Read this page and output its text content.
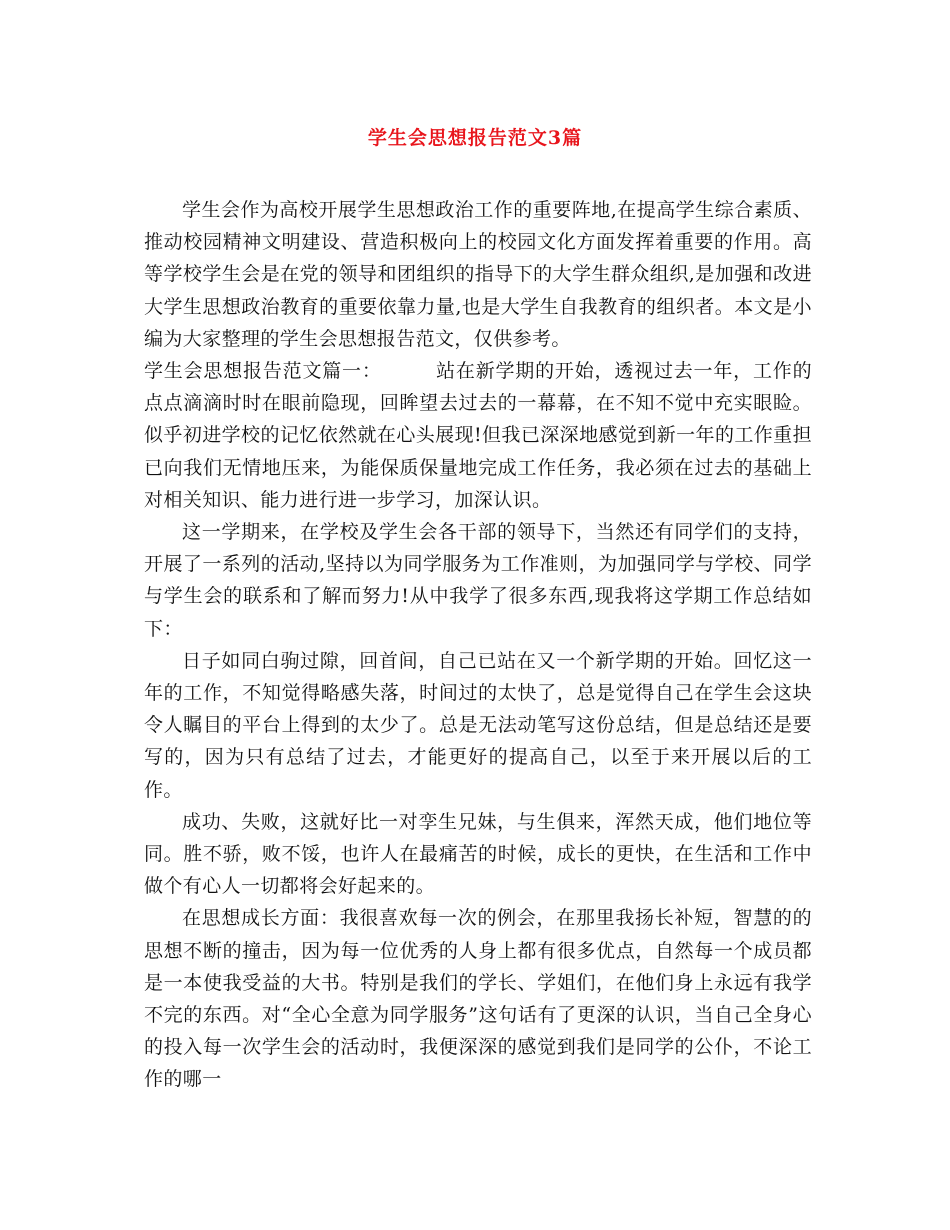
学生会思想报告范文3篇

学生会作为高校开展学生思想政治工作的重要阵地,在提高学生综合素质、推动校园精神文明建设、营造积极向上的校园文化方面发挥着重要的作用。高等学校学生会是在党的领导和团组织的指导下的大学生群众组织,是加强和改进大学生思想政治教育的重要依靠力量,也是大学生自我教育的组织者。本文是小编为大家整理的学生会思想报告范文，仅供参考。

学生会思想报告范文篇一：	站在新学期的开始，透视过去一年，工作的点点滴滴时时在眼前隐现，回眸望去过去的一幕幕，在不知不觉中充实眼睑。似乎初进学校的记忆依然就在心头展现!但我已深深地感觉到新一年的工作重担已向我们无情地压来，为能保质保量地完成工作任务，我必须在过去的基础上对相关知识、能力进行进一步学习，加深认识。

这一学期来，在学校及学生会各干部的领导下，当然还有同学们的支持，开展了一系列的活动,坚持以为同学服务为工作准则，为加强同学与学校、同学与学生会的联系和了解而努力!从中我学了很多东西,现我将这学期工作总结如下：

日子如同白驹过隙，回首间，自己已站在又一个新学期的开始。回忆这一年的工作，不知觉得略感失落，时间过的太快了，总是觉得自己在学生会这块令人瞩目的平台上得到的太少了。总是无法动笔写这份总结，但是总结还是要写的，因为只有总结了过去，才能更好的提高自己，以至于来开展以后的工作。

成功、失败，这就好比一对孪生兄妹，与生俱来，浑然天成，他们地位等同。胜不骄，败不馁，也许人在最痛苦的时候，成长的更快，在生活和工作中做个有心人一切都将会好起来的。

在思想成长方面：我很喜欢每一次的例会，在那里我扬长补短，智慧的的思想不断的撞击，因为每一位优秀的人身上都有很多优点，自然每一个成员都是一本使我受益的大书。特别是我们的学长、学姐们，在他们身上永远有我学不完的东西。对“全心全意为同学服务”这句话有了更深的认识，当自己全身心的投入每一次学生会的活动时，我便深深的感觉到我们是同学的公仆，不论工作的哪一
